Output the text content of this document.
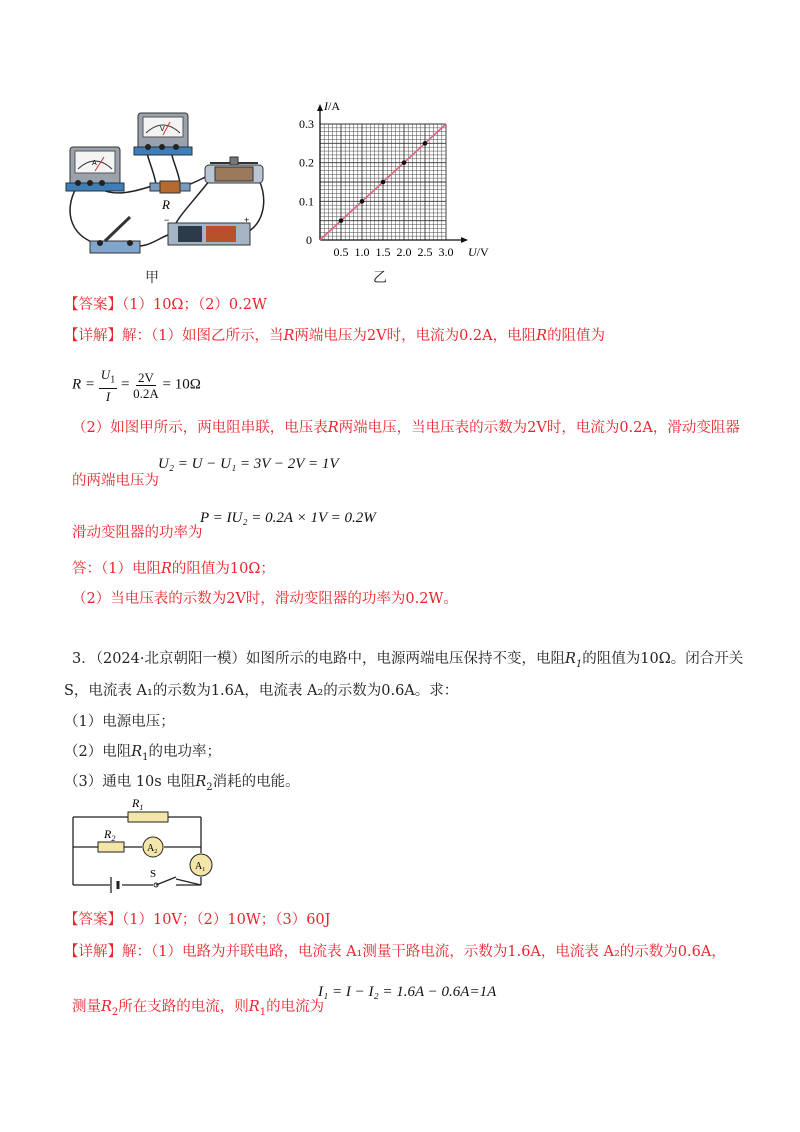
A
V
−	+
R
甲
0.5 1.0 1.5 2.0 2.5 3.0
0.1
0.2
0.3
0
I/A
U/V
乙
【答案】（1）10Ω；（2）0.2W
【详解】解：（1）如图乙所示，当R两端电压为2V时，电流为0.2A，电阻R的阻值为
$R = \frac{U_1}{I} = \frac{2V}{0.2A} = 10\Omega$
（2）如图甲所示，两电阻串联，电压表R两端电压，当电压表的示数为2V时，电流为0.2A，滑动变阻器
U₂ = U − U₁ = 3V − 2V = 1V
的两端电压为
P = IU₂ = 0.2A × 1V = 0.2W
滑动变阻器的功率为
答：（1）电阻R的阻值为10Ω；
（2）当电压表的示数为2V时，滑动变阻器的功率为0.2W。
3．（2024·北京朝阳一模）如图所示的电路中，电源两端电压保持不变，电阻$R_1$的阻值为10Ω。闭合开关
S，电流表 A₁的示数为1.6A，电流表 A₂的示数为0.6A。求：
（1）电源电压；
（2）电阻$R_1$的电功率；
（3）通电 10s 电阻$R_2$消耗的电能。
$R_1$
$R_2$
$A_2$
$A_1$
S
【答案】（1）10V；（2）10W；（3）60J
【详解】解：（1）电路为并联电路，电流表 A₁测量干路电流，示数为1.6A，电流表 A₂的示数为0.6A，
I₁ = I − I₂ = 1.6A − 0.6A=1A
测量$R_2$所在支路的电流，则$R_1$的电流为
